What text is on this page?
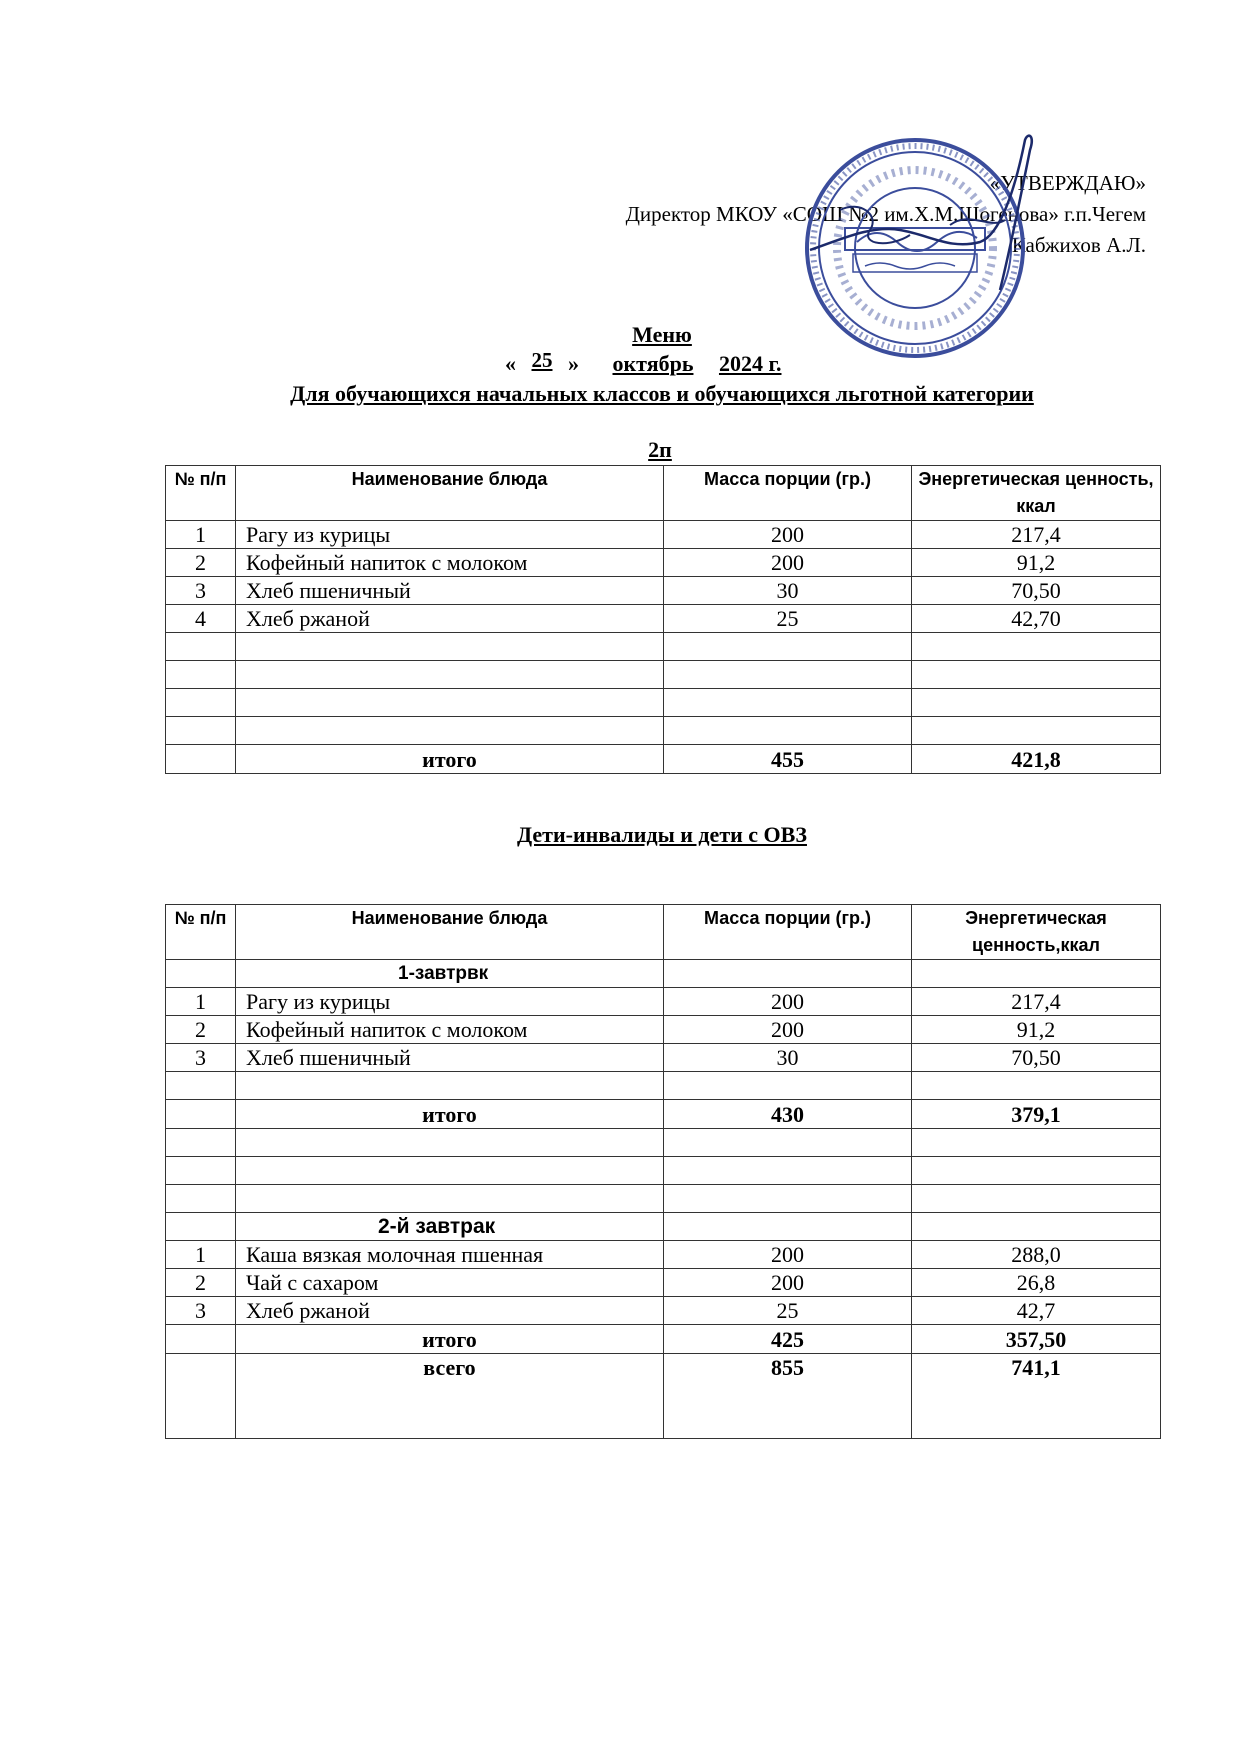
«УТВЕРЖДАЮ»
Директор МКОУ «СОШ №2 им.Х.М.Шогенова» г.п.Чегем
Кабжихов А.Л.
Меню
« 25 » октябрь 2024 г.
Для обучающихся начальных классов и обучающихся льготной категории
2п
№ п/п	Наименование блюда	Масса порции (гр.)	Энергетическая ценность, ккал
1	Рагу из курицы	200	217,4
2	Кофейный напиток с молоком	200	91,2
3	Хлеб пшеничный	30	70,50
4	Хлеб ржаной	25	42,70

	итого	455	421,8
Дети-инвалиды и дети с ОВЗ
№ п/п	Наименование блюда	Масса порции (гр.)	Энергетическая ценность,ккал
	1-завтрвк		
1	Рагу из курицы	200	217,4
2	Кофейный напиток с молоком	200	91,2
3	Хлеб пшеничный	30	70,50

	итого	430	379,1

	2-й завтрак		
1	Каша вязкая молочная пшенная	200	288,0
2	Чай с сахаром	200	26,8
3	Хлеб ржаной	25	42,7
	итого	425	357,50
	всего	855	741,1
